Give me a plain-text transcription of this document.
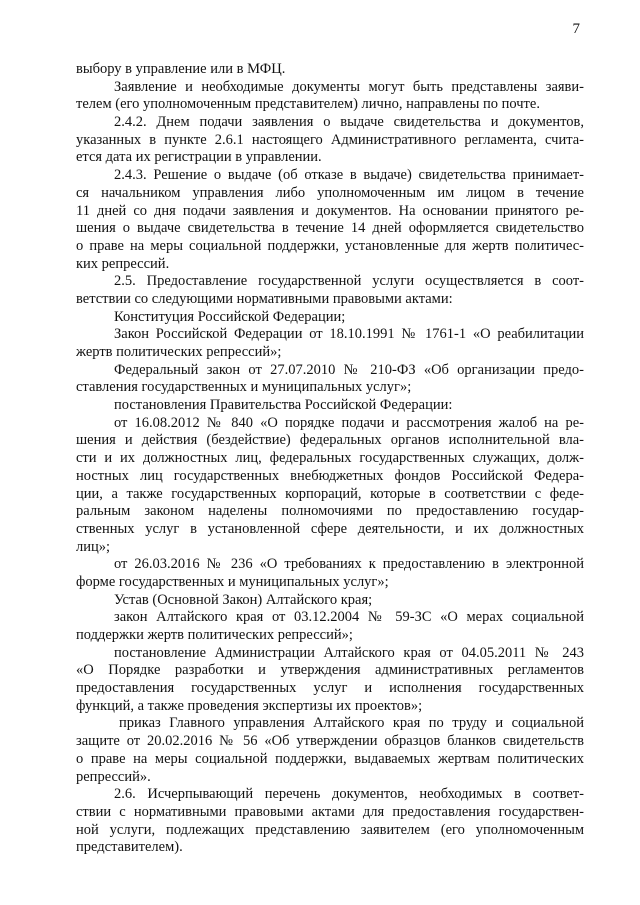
7
выбору в управление или в МФЦ.
Заявление и необходимые документы могут быть представлены заяви-
телем (его уполномоченным представителем) лично, направлены по почте.
2.4.2. Днем подачи заявления о выдаче свидетельства и документов,
указанных в пункте 2.6.1 настоящего Административного регламента, счита-
ется дата их регистрации в управлении.
2.4.3. Решение о выдаче (об отказе в выдаче) свидетельства принимает-
ся начальником управления либо уполномоченным им лицом в течение
11 дней со дня подачи заявления и документов. На основании принятого ре-
шения о выдаче свидетельства в течение 14 дней оформляется свидетельство
о праве на меры социальной поддержки, установленные для жертв политичес-
ких репрессий.
2.5. Предоставление государственной услуги осуществляется в соот-
ветствии со следующими нормативными правовыми актами:
Конституция Российской Федерации;
Закон Российской Федерации от 18.10.1991 № 1761-1 «О реабилитации
жертв политических репрессий»;
Федеральный закон от 27.07.2010 № 210-ФЗ «Об организации предо-
ставления государственных и муниципальных услуг»;
постановления Правительства Российской Федерации:
от 16.08.2012 № 840 «О порядке подачи и рассмотрения жалоб на ре-
шения и действия (бездействие) федеральных органов исполнительной вла-
сти и их должностных лиц, федеральных государственных служащих, долж-
ностных лиц государственных внебюджетных фондов Российской Федера-
ции, а также государственных корпораций, которые в соответствии с феде-
ральным законом наделены полномочиями по предоставлению государ-
ственных услуг в установленной сфере деятельности, и их должностных
лиц»;
от 26.03.2016 № 236 «О требованиях к предоставлению в электронной
форме государственных и муниципальных услуг»;
Устав (Основной Закон) Алтайского края;
закон Алтайского края от 03.12.2004 № 59-ЗС «О мерах социальной
поддержки жертв политических репрессий»;
постановление Администрации Алтайского края от 04.05.2011 № 243
«О Порядке разработки и утверждения административных регламентов
предоставления государственных услуг и исполнения государственных
функций, а также проведения экспертизы их проектов»;
приказ Главного управления Алтайского края по труду и социальной
защите от 20.02.2016 № 56 «Об утверждении образцов бланков свидетельств
о праве на меры социальной поддержки, выдаваемых жертвам политических
репрессий».
2.6. Исчерпывающий перечень документов, необходимых в соответ-
ствии с нормативными правовыми актами для предоставления государствен-
ной услуги, подлежащих представлению заявителем (его уполномоченным
представителем).
